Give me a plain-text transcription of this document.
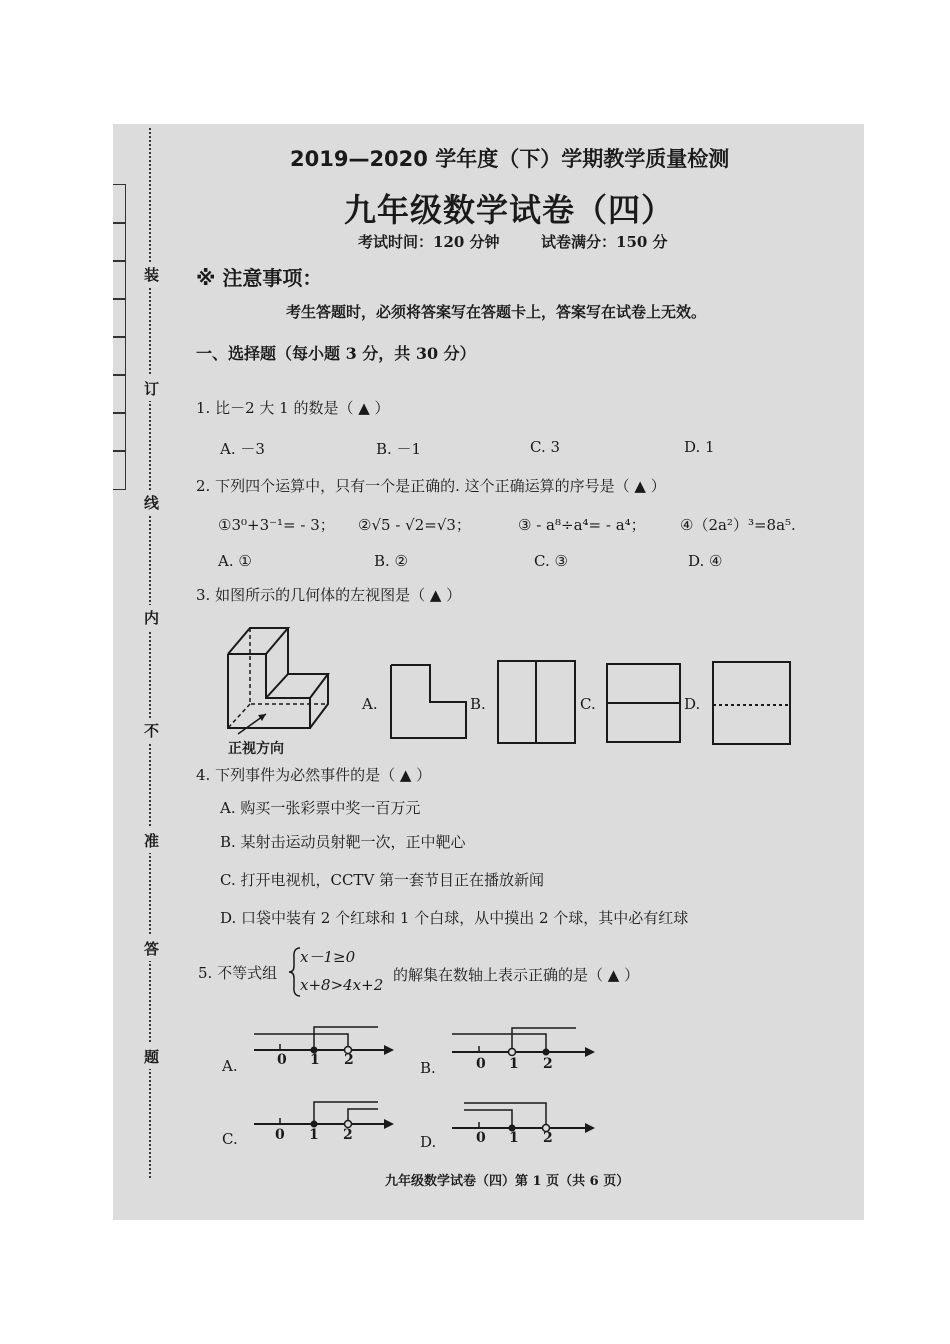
装
订
线
内
不
准
答
题
2019—2020 学年度（下）学期教学质量检测
九年级数学试卷（四）
考试时间：120 分钟	试卷满分：150 分
※ 注意事项：
考生答题时，必须将答案写在答题卡上，答案写在试卷上无效。
一、选择题（每小题 3 分，共 30 分）
1. 比－2 大 1 的数是（ ▲ ）
A. －3	B. －1	C. 3	D. 1
2. 下列四个运算中，只有一个是正确的. 这个正确运算的序号是（ ▲ ）
①3⁰+3⁻¹= - 3； ②√5 - √2=√3；	③ - a⁸÷a⁴= - a⁴； ④（2a²）³=8a⁵.
A. ①	B. ②	C. ③	D. ④
3. 如图所示的几何体的左视图是（ ▲ ）
正视方向
A.	B.	C.	D.
4. 下列事件为必然事件的是（ ▲ ）
A. 购买一张彩票中奖一百万元
B. 某射击运动员射靶一次，正中靶心
C. 打开电视机，CCTV 第一套节目正在播放新闻
D. 口袋中装有 2 个红球和 1 个白球，从中摸出 2 个球，其中必有红球
5. 不等式组
x－1≥0
x+8>4x+2
的解集在数轴上表示正确的是（ ▲ ）
A.	0 1 2	B.	0 1 2
C.	0 1 2	D.	0 1 2
九年级数学试卷（四）第 1 页（共 6 页）
